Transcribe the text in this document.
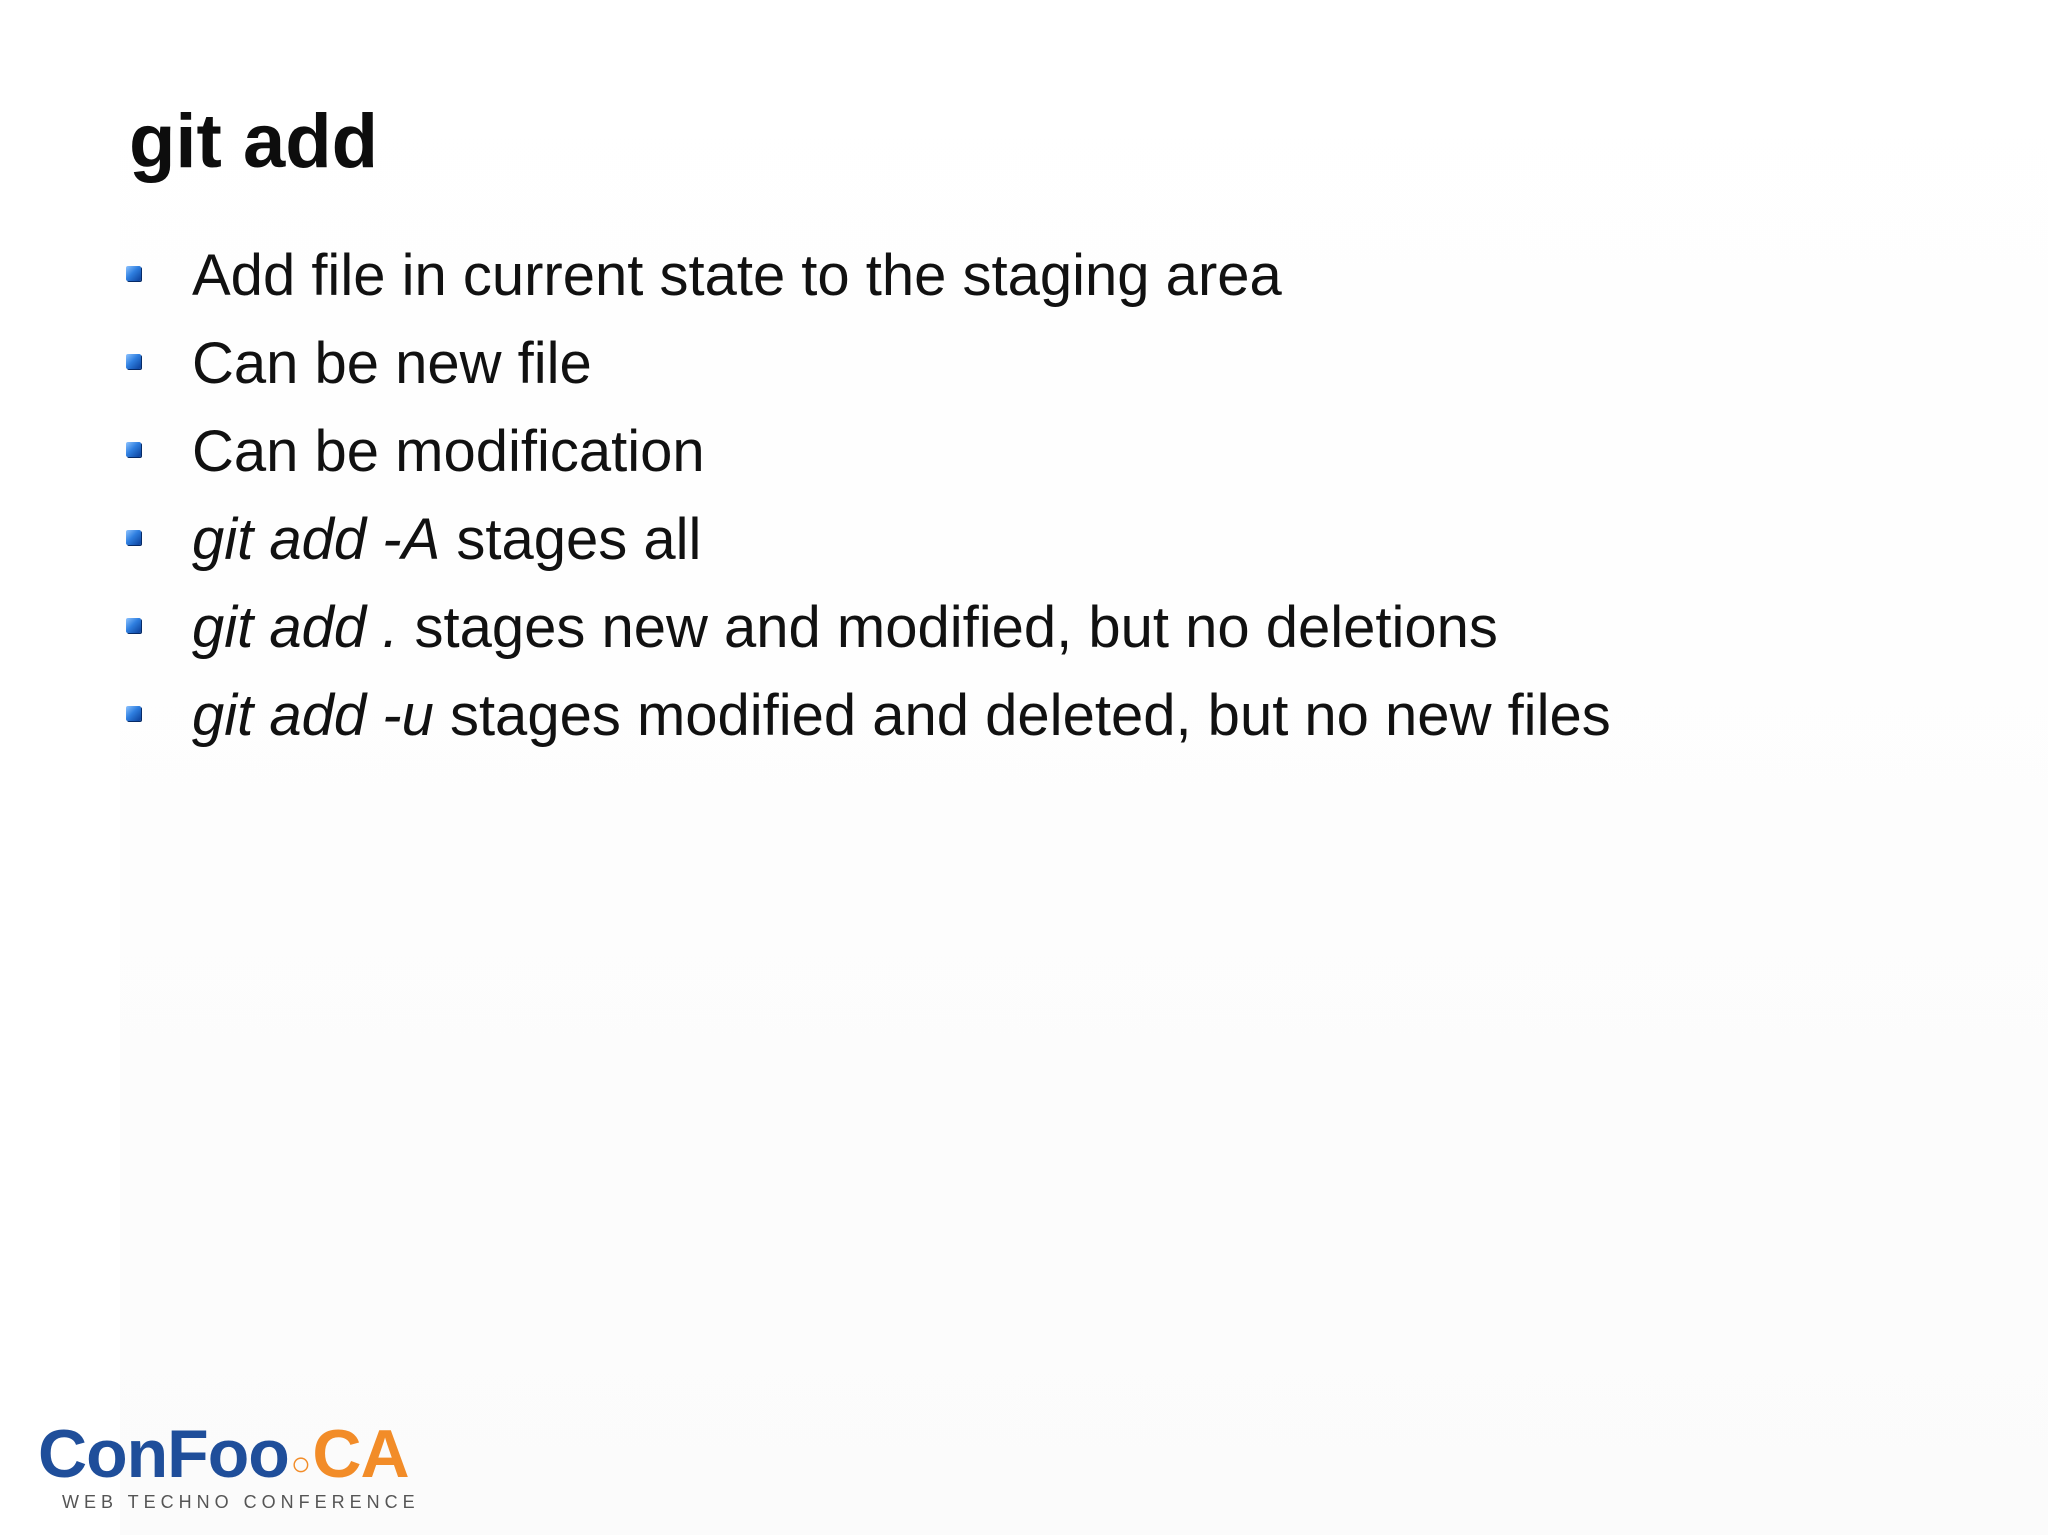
git add
Add file in current state to the staging area
Can be new file
Can be modification
git add -A stages all
git add . stages new and modified, but no deletions
git add -u stages modified and deleted, but no new files
ConFoo○CA
WEB TECHNO CONFERENCE
